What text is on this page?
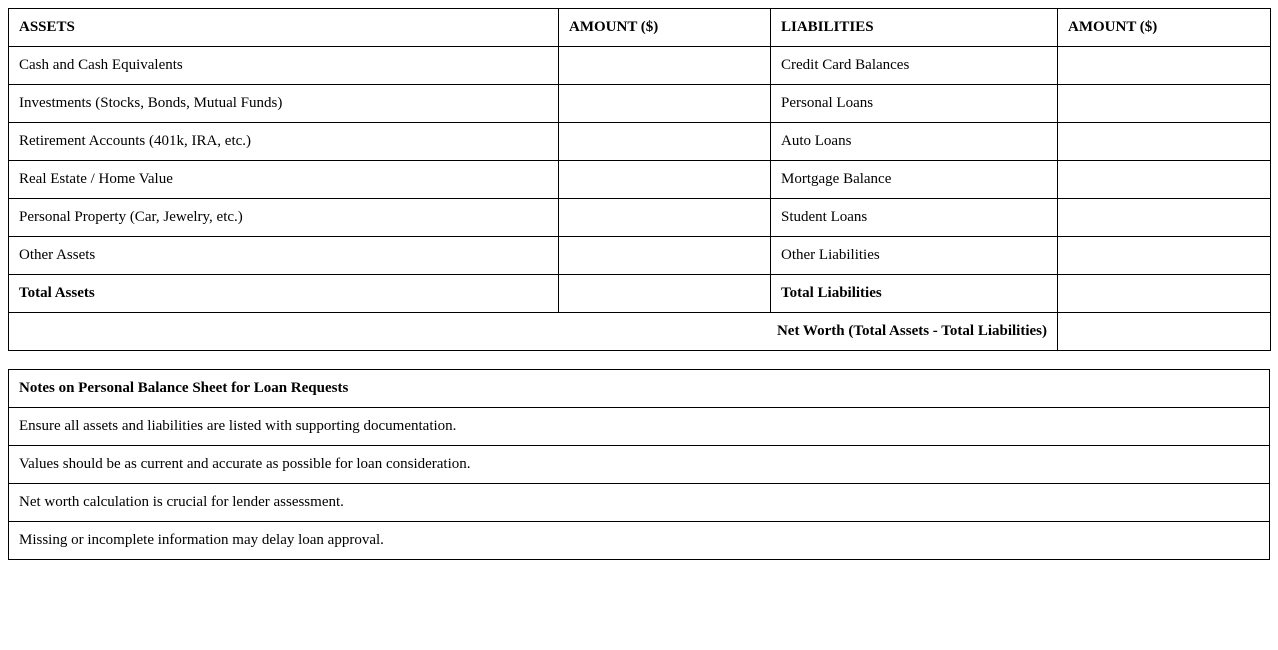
ASSETS	AMOUNT ($)	LIABILITIES	AMOUNT ($)
Cash and Cash Equivalents		Credit Card Balances	
Investments (Stocks, Bonds, Mutual Funds)		Personal Loans	
Retirement Accounts (401k, IRA, etc.)		Auto Loans	
Real Estate / Home Value		Mortgage Balance	
Personal Property (Car, Jewelry, etc.)		Student Loans	
Other Assets		Other Liabilities	
Total Assets		Total Liabilities	
Net Worth (Total Assets - Total Liabilities)			
Notes on Personal Balance Sheet for Loan Requests
Ensure all assets and liabilities are listed with supporting documentation.
Values should be as current and accurate as possible for loan consideration.
Net worth calculation is crucial for lender assessment.
Missing or incomplete information may delay loan approval.
